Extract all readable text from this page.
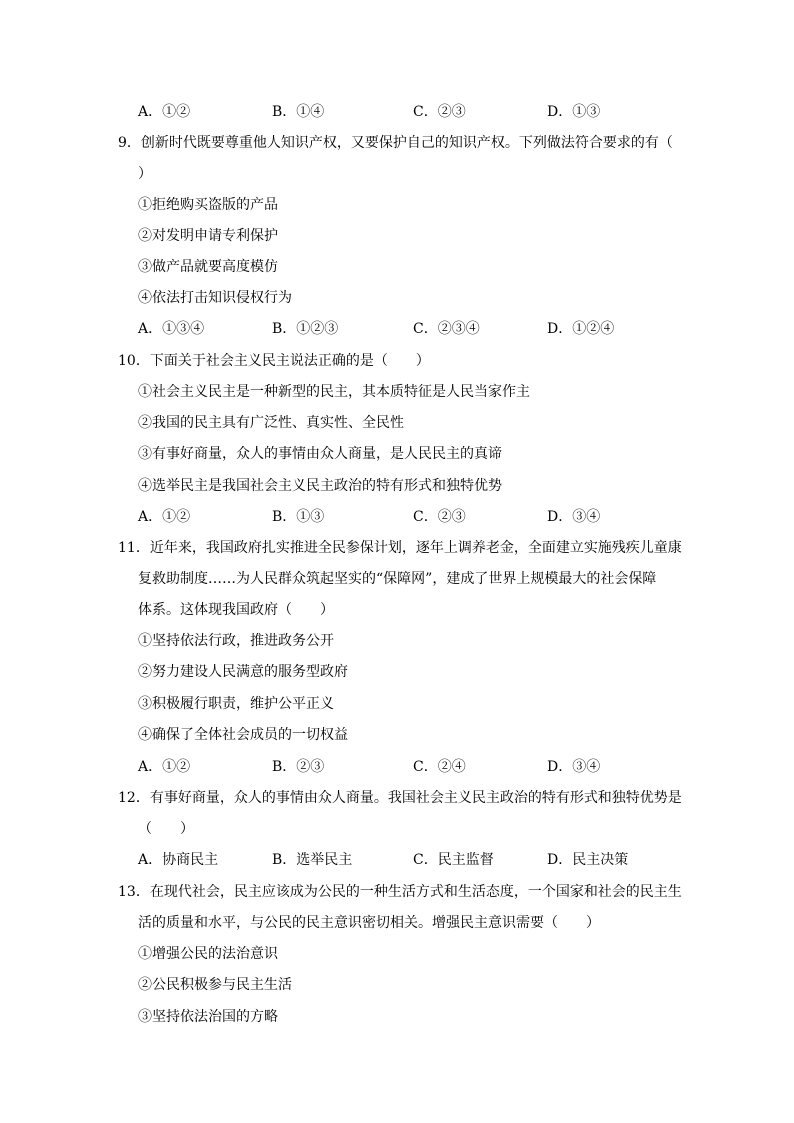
A．①②	B．①④	C．②③	D．①③
9．创新时代既要尊重他人知识产权，又要保护自己的知识产权。下列做法符合要求的有（
）
①拒绝购买盗版的产品
②对发明申请专利保护
③做产品就要高度模仿
④依法打击知识侵权行为
A．①③④	B．①②③	C．②③④	D．①②④
10．下面关于社会主义民主说法正确的是（　　）
①社会主义民主是一种新型的民主，其本质特征是人民当家作主
②我国的民主具有广泛性、真实性、全民性
③有事好商量，众人的事情由众人商量，是人民民主的真谛
④选举民主是我国社会主义民主政治的特有形式和独特优势
A．①②	B．①③	C．②③	D．③④
11．近年来，我国政府扎实推进全民参保计划，逐年上调养老金，全面建立实施残疾儿童康
复救助制度……为人民群众筑起坚实的“保障网”，建成了世界上规模最大的社会保障
体系。这体现我国政府（　　）
①坚持依法行政，推进政务公开
②努力建设人民满意的服务型政府
③积极履行职责，维护公平正义
④确保了全体社会成员的一切权益
A．①②	B．②③	C．②④	D．③④
12．有事好商量，众人的事情由众人商量。我国社会主义民主政治的特有形式和独特优势是
（　　）
A．协商民主	B．选举民主	C．民主监督	D．民主决策
13．在现代社会，民主应该成为公民的一种生活方式和生活态度，一个国家和社会的民主生
活的质量和水平，与公民的民主意识密切相关。增强民主意识需要（　　）
①增强公民的法治意识
②公民积极参与民主生活
③坚持依法治国的方略
